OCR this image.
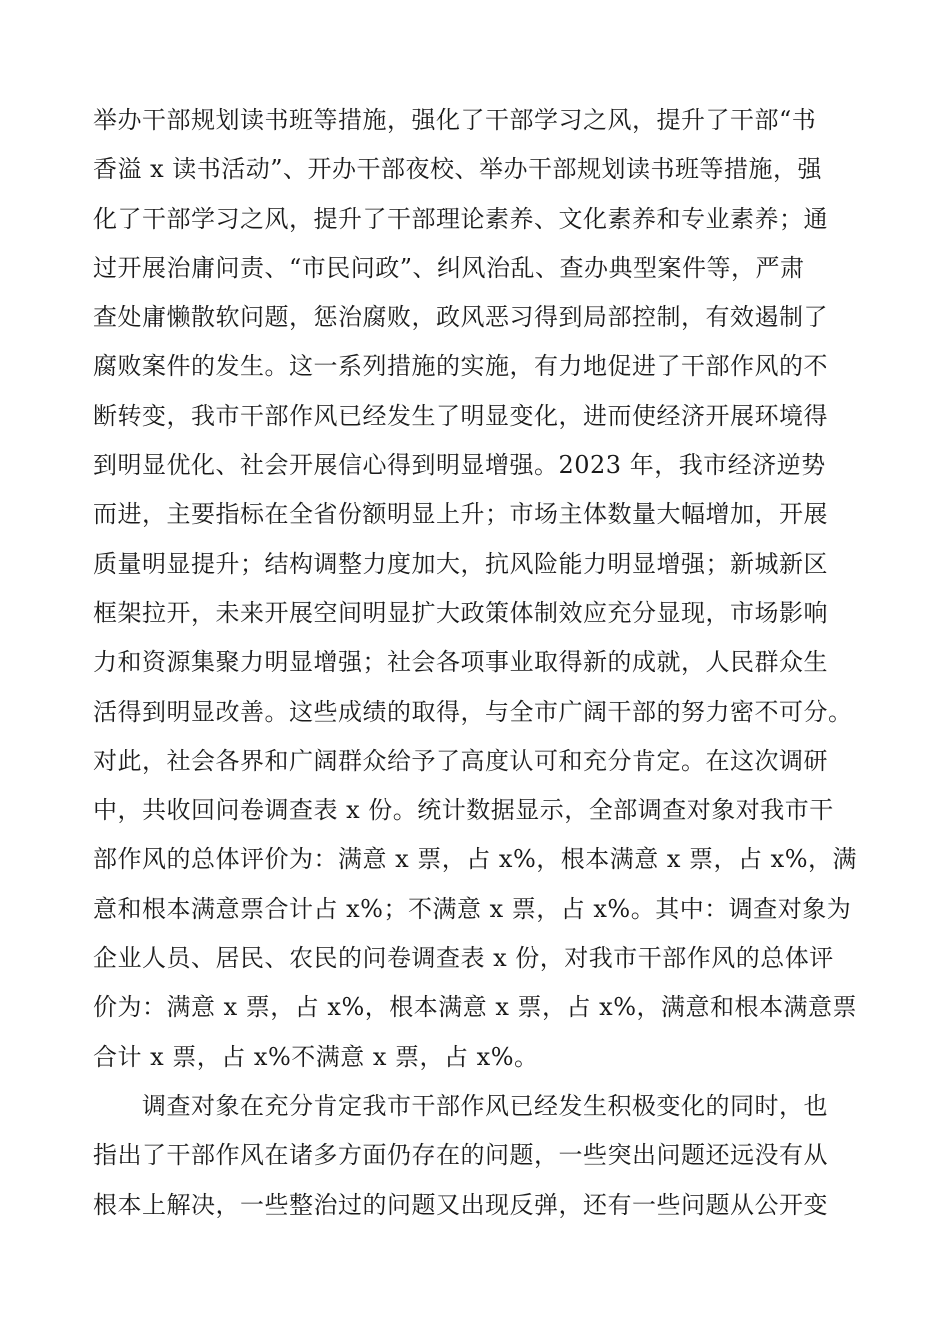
举办干部规划读书班等措施，强化了干部学习之风，提升了干部“书
香溢 x 读书活动”、开办干部夜校、举办干部规划读书班等措施，强
化了干部学习之风，提升了干部理论素养、文化素养和专业素养；通
过开展治庸问责、“市民问政”、纠风治乱、查办典型案件等，严肃
查处庸懒散软问题，惩治腐败，政风恶习得到局部控制，有效遏制了
腐败案件的发生。这一系列措施的实施，有力地促进了干部作风的不
断转变，我市干部作风已经发生了明显变化，进而使经济开展环境得
到明显优化、社会开展信心得到明显增强。2023 年，我市经济逆势
而进，主要指标在全省份额明显上升；市场主体数量大幅增加，开展
质量明显提升；结构调整力度加大，抗风险能力明显增强；新城新区
框架拉开，未来开展空间明显扩大政策体制效应充分显现，市场影响
力和资源集聚力明显增强；社会各项事业取得新的成就，人民群众生
活得到明显改善。这些成绩的取得，与全市广阔干部的努力密不可分。
对此，社会各界和广阔群众给予了高度认可和充分肯定。在这次调研
中，共收回问卷调查表 x 份。统计数据显示，全部调查对象对我市干
部作风的总体评价为：满意 x 票，占 x%，根本满意 x 票，占 x%，满
意和根本满意票合计占 x%；不满意 x 票，占 x%。其中：调查对象为
企业人员、居民、农民的问卷调查表 x 份，对我市干部作风的总体评
价为：满意 x 票，占 x%，根本满意 x 票，占 x%，满意和根本满意票
合计 x 票，占 x%不满意 x 票，占 x%。
调查对象在充分肯定我市干部作风已经发生积极变化的同时，也
指出了干部作风在诸多方面仍存在的问题，一些突出问题还远没有从
根本上解决，一些整治过的问题又出现反弹，还有一些问题从公开变
